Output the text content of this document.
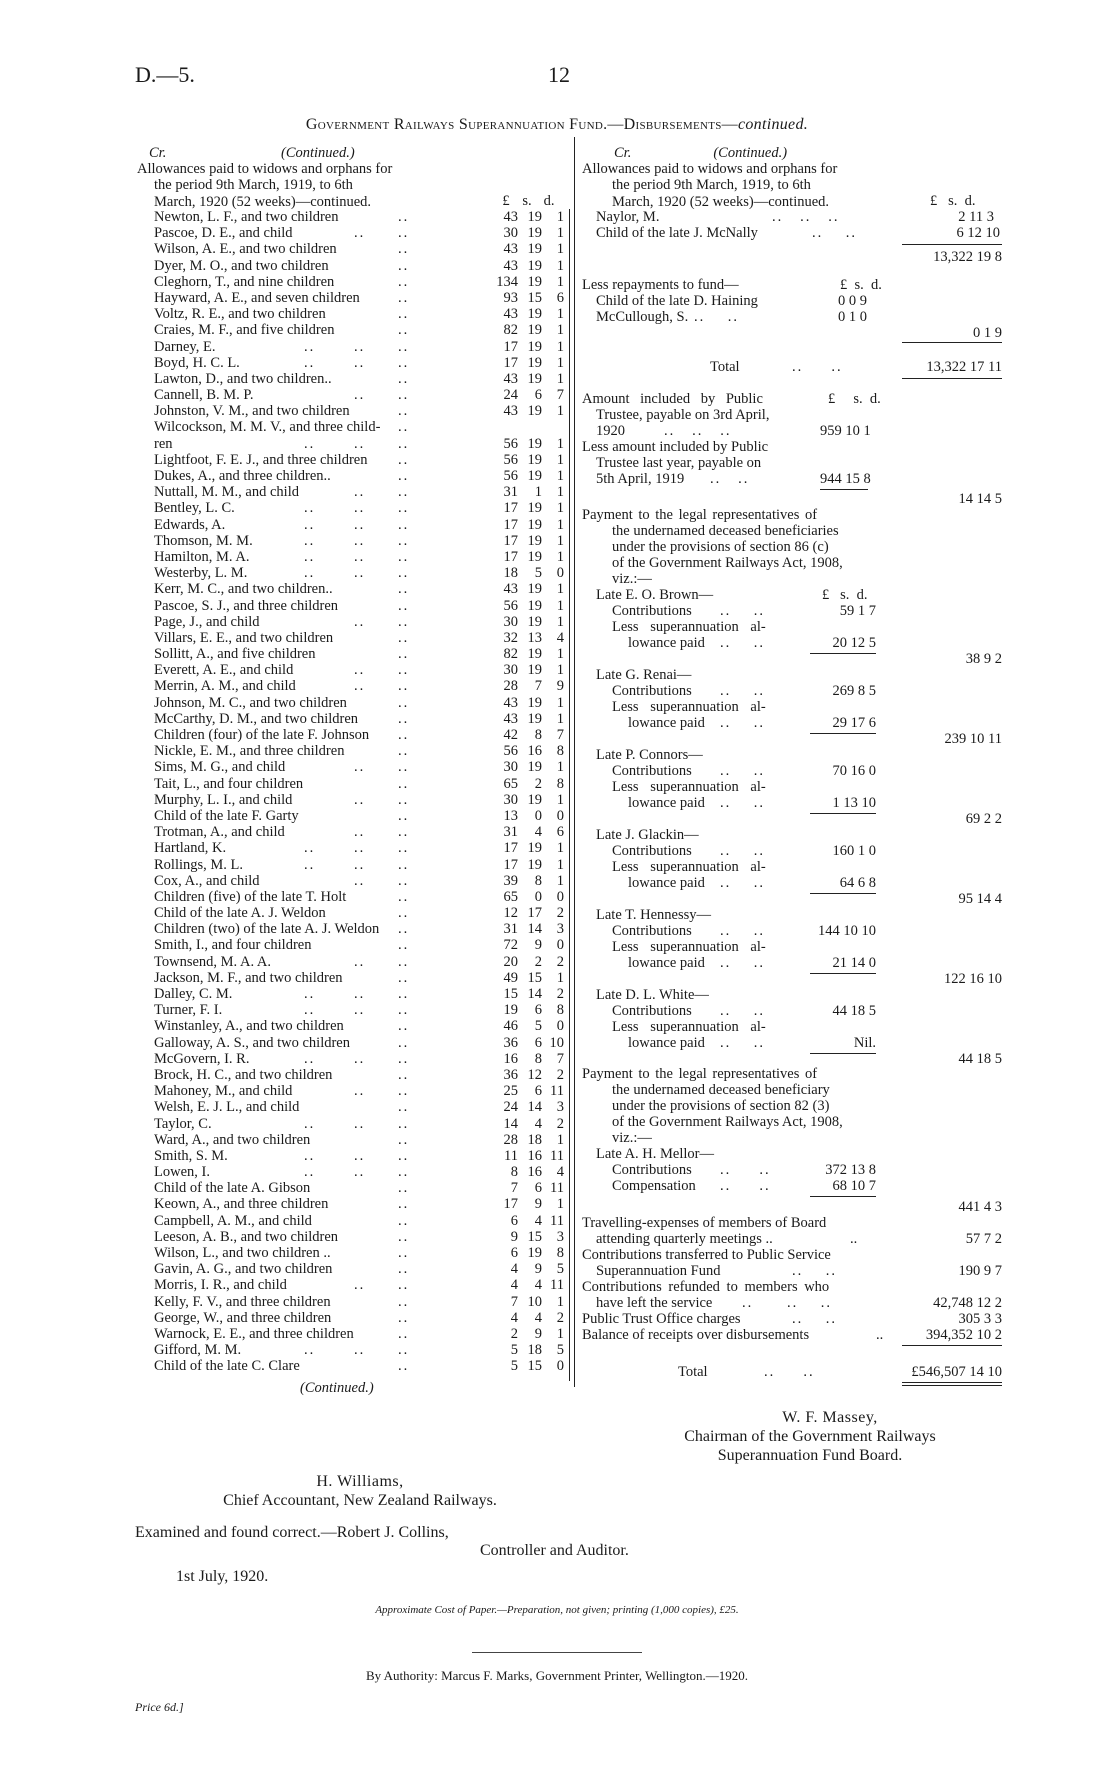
D.—5.	12
Government Railways Superannuation Fund.—Disbursements—continued.
Cr.	(Continued.)
Allowances paid to widows and orphans for
the period 9th March, 1919, to 6th
March, 1920 (52 weeks)—continued.	£ s. d.
Newton, L. F., and two children	..	43 19 1
Pascoe, D. E., and child	..	30 19 1
..
Wilson, A. E., and two children	..	43 19 1
Dyer, M. O., and two children	..	43 19 1
Cleghorn, T., and nine children	..	134 19 1
Hayward, A. E., and seven children	..	93 15 6
Voltz, R. E., and two children	..	43 19 1
Craies, M. F., and five children	..	82 19 1
Darney, E.	..	17 19 1
..
..
Boyd, H. C. L.	..	17 19 1
..
..
Lawton, D., and two children..	..	43 19 1
Cannell, B. M. P.	..	24 6 7
..
Johnston, V. M., and two children	..	43 19 1
Wilcockson, M. M. V., and three child- ..
ren	..	56 19 1
..
..
Lightfoot, F. E. J., and three children ..	56 19 1
Dukes, A., and three children..	..	56 19 1
Nuttall, M. M., and child	..	31 1 1
..
Bentley, L. C.	..	17 19 1
..
..
Edwards, A.	..	17 19 1
..
..
Thomson, M. M.	..	17 19 1
..
..
Hamilton, M. A.	..	17 19 1
..
..
Westerby, L. M.	..	18 5 0
..
..
Kerr, M. C., and two children..	..	43 19 1
Pascoe, S. J., and three children	..	56 19 1
Page, J., and child	..	30 19 1
..
Villars, E. E., and two children	..	32 13 4
Sollitt, A., and five children	..	82 19 1
Everett, A. E., and child	..	30 19 1
..
Merrin, A. M., and child	..	28 7 9
..
Johnson, M. C., and two children	..	43 19 1
McCarthy, D. M., and two children	..	43 19 1
Children (four) of the late F. Johnson ..	42 8 7
Nickle, E. M., and three children	..	56 16 8
Sims, M. G., and child	..	30 19 1
..
Tait, L., and four children	..	65 2 8
Murphy, L. I., and child	..	30 19 1
..
Child of the late F. Garty	..	13 0 0
Trotman, A., and child	..	31 4 6
..
Hartland, K.	..	17 19 1
..
..
Rollings, M. L.	..	17 19 1
..
..
Cox, A., and child	..	39 8 1
..
Children (five) of the late T. Holt	..	65 0 0
Child of the late A. J. Weldon	..	12 17 2
Children (two) of the late A. J. Weldon ..	31 14 3
Smith, I., and four children	..	72 9 0
Townsend, M. A. A.	..	20 2 2
..
Jackson, M. F., and two children	..	49 15 1
Dalley, C. M.	..	15 14 2
..
..
Turner, F. I.	..	19 6 8
..
..
Winstanley, A., and two children	..	46 5 0
Galloway, A. S., and two children	..	36 6 10
McGovern, I. R.	..	16 8 7
..
..
Brock, H. C., and two children	..	36 12 2
Mahoney, M., and child	..	25 6 11
..
Welsh, E. J. L., and child	..	24 14 3
Taylor, C.	..	14 4 2
..
..
Ward, A., and two children	..	28 18 1
Smith, S. M.	..	11 16 11
..
..
Lowen, I.	..	8 16 4
..
..
Child of the late A. Gibson	..	7 6 11
Keown, A., and three children	..	17 9 1
Campbell, A. M., and child	..	6 4 11
Leeson, A. B., and two children	..	9 15 3
Wilson, L., and two children ..	..	6 19 8
Gavin, A. G., and two children	..	4 9 5
Morris, I. R., and child	..	4 4 11
..
Kelly, F. V., and three children	..	7 10 1
George, W., and three children	..	4 4 2
Warnock, E. E., and three children	..	2 9 1
Gifford, M. M.	..	5 18 5
..
..
Child of the late C. Clare	..	5 15 0
(Continued.)
Cr.	(Continued.)
Allowances paid to widows and orphans for
the period 9th March, 1919, to 6th
March, 1920 (52 weeks)—continued.	£   s.  d.
Naylor, M.	..   ..   ..	2 11 3
Child of the late J. McNally	..    ..	6 12 10
13,322 19 8
Less repayments to fund—	£  s.  d.
Child of the late D. Haining	0 0 9
McCullough, S. ..    ..	0 1 0
0 1 9
Total	..     ..	13,322 17 11
Amount included by Public	£     s.  d.
Trustee, payable on 3rd April,
1920	..   ..   ..	959 10 1
Less amount included by Public
Trustee last year, payable on
5th April, 1919 ..   ..	944 15 8
14 14 5
Payment to the legal representatives of
the undernamed deceased beneficiaries
under the provisions of section 86 (c)
of the Government Railways Act, 1908,
viz.:—
Late E. O. Brown—	£   s.  d.
Contributions ..    ..	59 1 7
Less superannuation al-
lowance paid ..    ..	20 12 5
38 9 2
Late G. Renai—
Contributions ..    ..	269 8 5
Less superannuation al-
lowance paid ..    ..	29 17 6
239 10 11
Late P. Connors—
Contributions ..    ..	70 16 0
Less superannuation al-
lowance paid ..    ..	1 13 10
69 2 2
Late J. Glackin—
Contributions ..    ..	160 1 0
Less superannuation al-
lowance paid ..    ..	64 6 8
95 14 4
Late T. Hennessy—
Contributions ..    ..	144 10 10
Less superannuation al-
lowance paid ..    ..	21 14 0
122 16 10
Late D. L. White—
Contributions ..    ..	44 18 5
Less superannuation al-
lowance paid ..    ..	Nil.
44 18 5
Payment to the legal representatives of
the undernamed deceased beneficiary
under the provisions of section 82 (3)
of the Government Railways Act, 1908,
viz.:—
Late A. H. Mellor—
Contributions ..     ..	372 13 8
Compensation ..     ..	68 10 7
441 4 3
Travelling-expenses of members of Board
attending quarterly meetings ..	..	57 7 2
Contributions transferred to Public Service
Superannuation Fund	..    ..	190 9 7
Contributions refunded to members who
have left the service ..      ..    ..	42,748 12 2
Public Trust Office charges	..    ..	305 3 3
Balance of receipts over disbursements	..	394,352 10 2
Total	..     ..	£546,507 14 10
W. F. Massey,
Chairman of the Government Railways
Superannuation Fund Board.
H. Williams,
Chief Accountant, New Zealand Railways.
Examined and found correct.—Robert J. Collins,
Controller and Auditor.
1st July, 1920.
Approximate Cost of Paper.—Preparation, not given; printing (1,000 copies), £25.
By Authority: Marcus F. Marks, Government Printer, Wellington.—1920.
Price 6d.]
